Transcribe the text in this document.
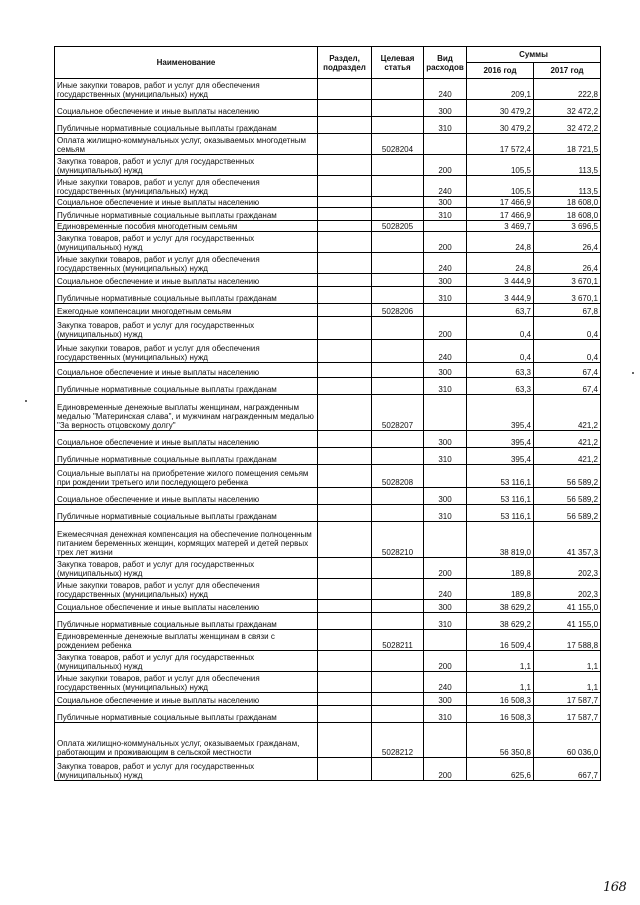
Наименование	Раздел, подраздел	Целевая статья	Вид расходов	Суммы	
				2016 год	2017 год
Иные закупки товаров, работ и услуг для обеспечения государственных (муниципальных) нужд			240	209,1	222,8
Социальное обеспечение и иные выплаты населению			300	30 479,2	32 472,2
Публичные нормативные социальные выплаты гражданам			310	30 479,2	32 472,2
Оплата жилищно-коммунальных услуг, оказываемых многодетным семьям		5028204		17 572,4	18 721,5
Закупка товаров, работ и услуг для государственных (муниципальных) нужд			200	105,5	113,5
Иные закупки товаров, работ и услуг для обеспечения государственных (муниципальных) нужд			240	105,5	113,5
Социальное обеспечение и иные выплаты населению			300	17 466,9	18 608,0
Публичные нормативные социальные выплаты гражданам			310	17 466,9	18 608,0
Единовременные пособия многодетным семьям		5028205		3 469,7	3 696,5
Закупка товаров, работ и услуг для государственных (муниципальных) нужд			200	24,8	26,4
Иные закупки товаров, работ и услуг для обеспечения государственных (муниципальных) нужд			240	24,8	26,4
Социальное обеспечение и иные выплаты населению			300	3 444,9	3 670,1
Публичные нормативные социальные выплаты гражданам			310	3 444,9	3 670,1
Ежегодные компенсации многодетным семьям		5028206		63,7	67,8
Закупка товаров, работ и услуг для государственных (муниципальных) нужд			200	0,4	0,4
Иные закупки товаров, работ и услуг для обеспечения государственных (муниципальных) нужд			240	0,4	0,4
Социальное обеспечение и иные выплаты населению			300	63,3	67,4
Публичные нормативные социальные выплаты гражданам			310	63,3	67,4
Единовременные денежные выплаты женщинам, награжденным медалью "Материнская слава", и мужчинам награжденным медалью "За верность отцовскому долгу"		5028207		395,4	421,2
Социальное обеспечение и иные выплаты населению			300	395,4	421,2
Публичные нормативные социальные выплаты гражданам			310	395,4	421,2
Социальные выплаты на приобретение жилого помещения семьям при рождении третьего или последующего ребенка		5028208		53 116,1	56 589,2
Социальное обеспечение и иные выплаты населению			300	53 116,1	56 589,2
Публичные нормативные социальные выплаты гражданам			310	53 116,1	56 589,2
Ежемесячная денежная компенсация на обеспечение полноценным питанием беременных женщин, кормящих матерей и детей первых трех лет жизни		5028210		38 819,0	41 357,3
Закупка товаров, работ и услуг для государственных (муниципальных) нужд			200	189,8	202,3
Иные закупки товаров, работ и услуг для обеспечения государственных (муниципальных) нужд			240	189,8	202,3
Социальное обеспечение и иные выплаты населению			300	38 629,2	41 155,0
Публичные нормативные социальные выплаты гражданам			310	38 629,2	41 155,0
Единовременные денежные выплаты женщинам в связи с рождением ребенка		5028211		16 509,4	17 588,8
Закупка товаров, работ и услуг для государственных (муниципальных) нужд			200	1,1	1,1
Иные закупки товаров, работ и услуг для обеспечения государственных (муниципальных) нужд			240	1,1	1,1
Социальное обеспечение и иные выплаты населению			300	16 508,3	17 587,7
Публичные нормативные социальные выплаты гражданам			310	16 508,3	17 587,7
Оплата жилищно-коммунальных услуг, оказываемых гражданам, работающим и проживающим в сельской местности		5028212		56 350,8	60 036,0
Закупка товаров, работ и услуг для государственных (муниципальных) нужд			200	625,6	667,7
168
